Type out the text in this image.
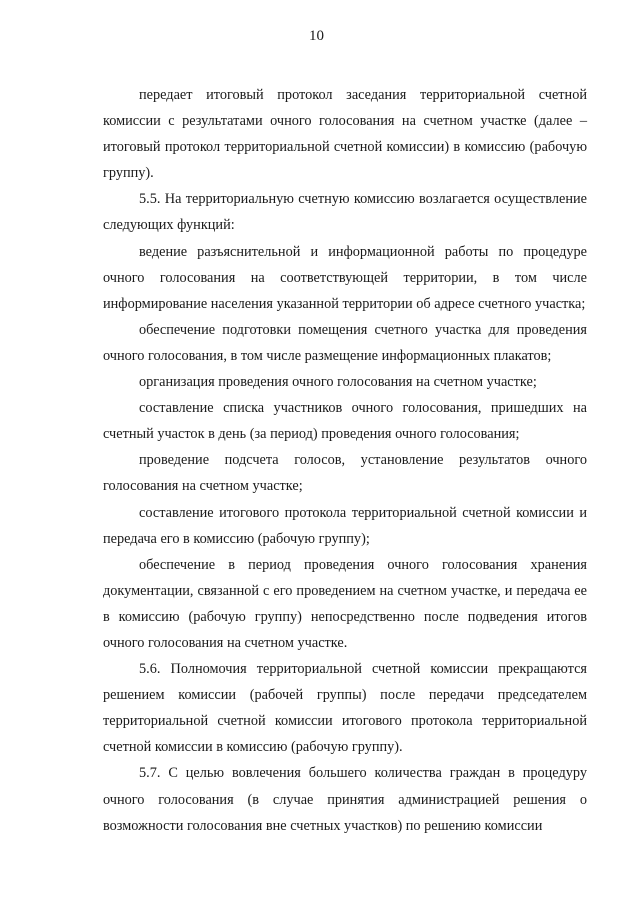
10

передает итоговый протокол заседания территориальной счетной комиссии с результатами очного голосования на счетном участке (далее – итоговый протокол территориальной счетной комиссии) в комиссию (рабочую группу).

5.5. На территориальную счетную комиссию возлагается осуществление следующих функций:

ведение разъяснительной и информационной работы по процедуре очного голосования на соответствующей территории, в том числе информирование населения указанной территории об адресе счетного участка;

обеспечение подготовки помещения счетного участка для проведения очного голосования, в том числе размещение информационных плакатов;

организация проведения очного голосования на счетном участке;

составление списка участников очного голосования, пришедших на счетный участок в день (за период) проведения очного голосования;

проведение подсчета голосов, установление результатов очного голосования на счетном участке;

составление итогового протокола территориальной счетной комиссии и передача его в комиссию (рабочую группу);

обеспечение в период проведения очного голосования хранения документации, связанной с его проведением на счетном участке, и передача ее в комиссию (рабочую группу) непосредственно после подведения итогов очного голосования на счетном участке.

5.6. Полномочия территориальной счетной комиссии прекращаются решением комиссии (рабочей группы) после передачи председателем территориальной счетной комиссии итогового протокола территориальной счетной комиссии в комиссию (рабочую группу).

5.7. С целью вовлечения большего количества граждан в процедуру очного голосования (в случае принятия администрацией решения о возможности голосования вне счетных участков) по решению комиссии
